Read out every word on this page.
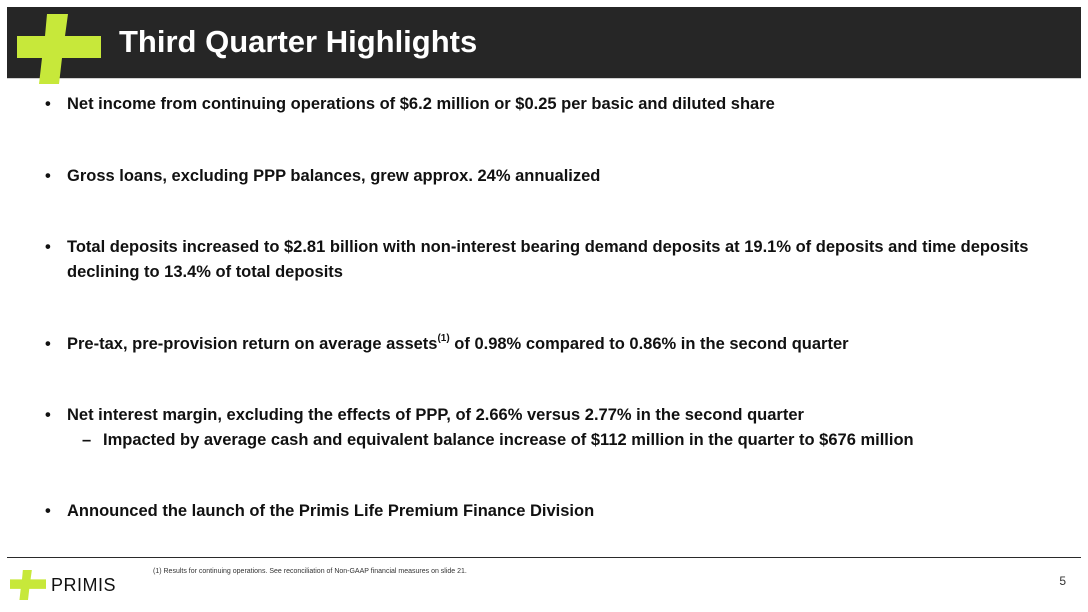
Third Quarter Highlights
• Net income from continuing operations of $6.2 million or $0.25 per basic and diluted share
• Gross loans, excluding PPP balances, grew approx. 24% annualized
• Total deposits increased to $2.81 billion with non-interest bearing demand deposits at 19.1% of deposits and time deposits declining to 13.4% of total deposits
• Pre-tax, pre-provision return on average assets$^{(1)}$ of 0.98% compared to 0.86% in the second quarter
• Net interest margin, excluding the effects of PPP, of 2.66% versus 2.77% in the second quarter
– Impacted by average cash and equivalent balance increase of $112 million in the quarter to $676 million
• Announced the launch of the Primis Life Premium Finance Division
PRIMIS
(1) Results for continuing operations. See reconciliation of Non-GAAP financial measures on slide 21.
5
